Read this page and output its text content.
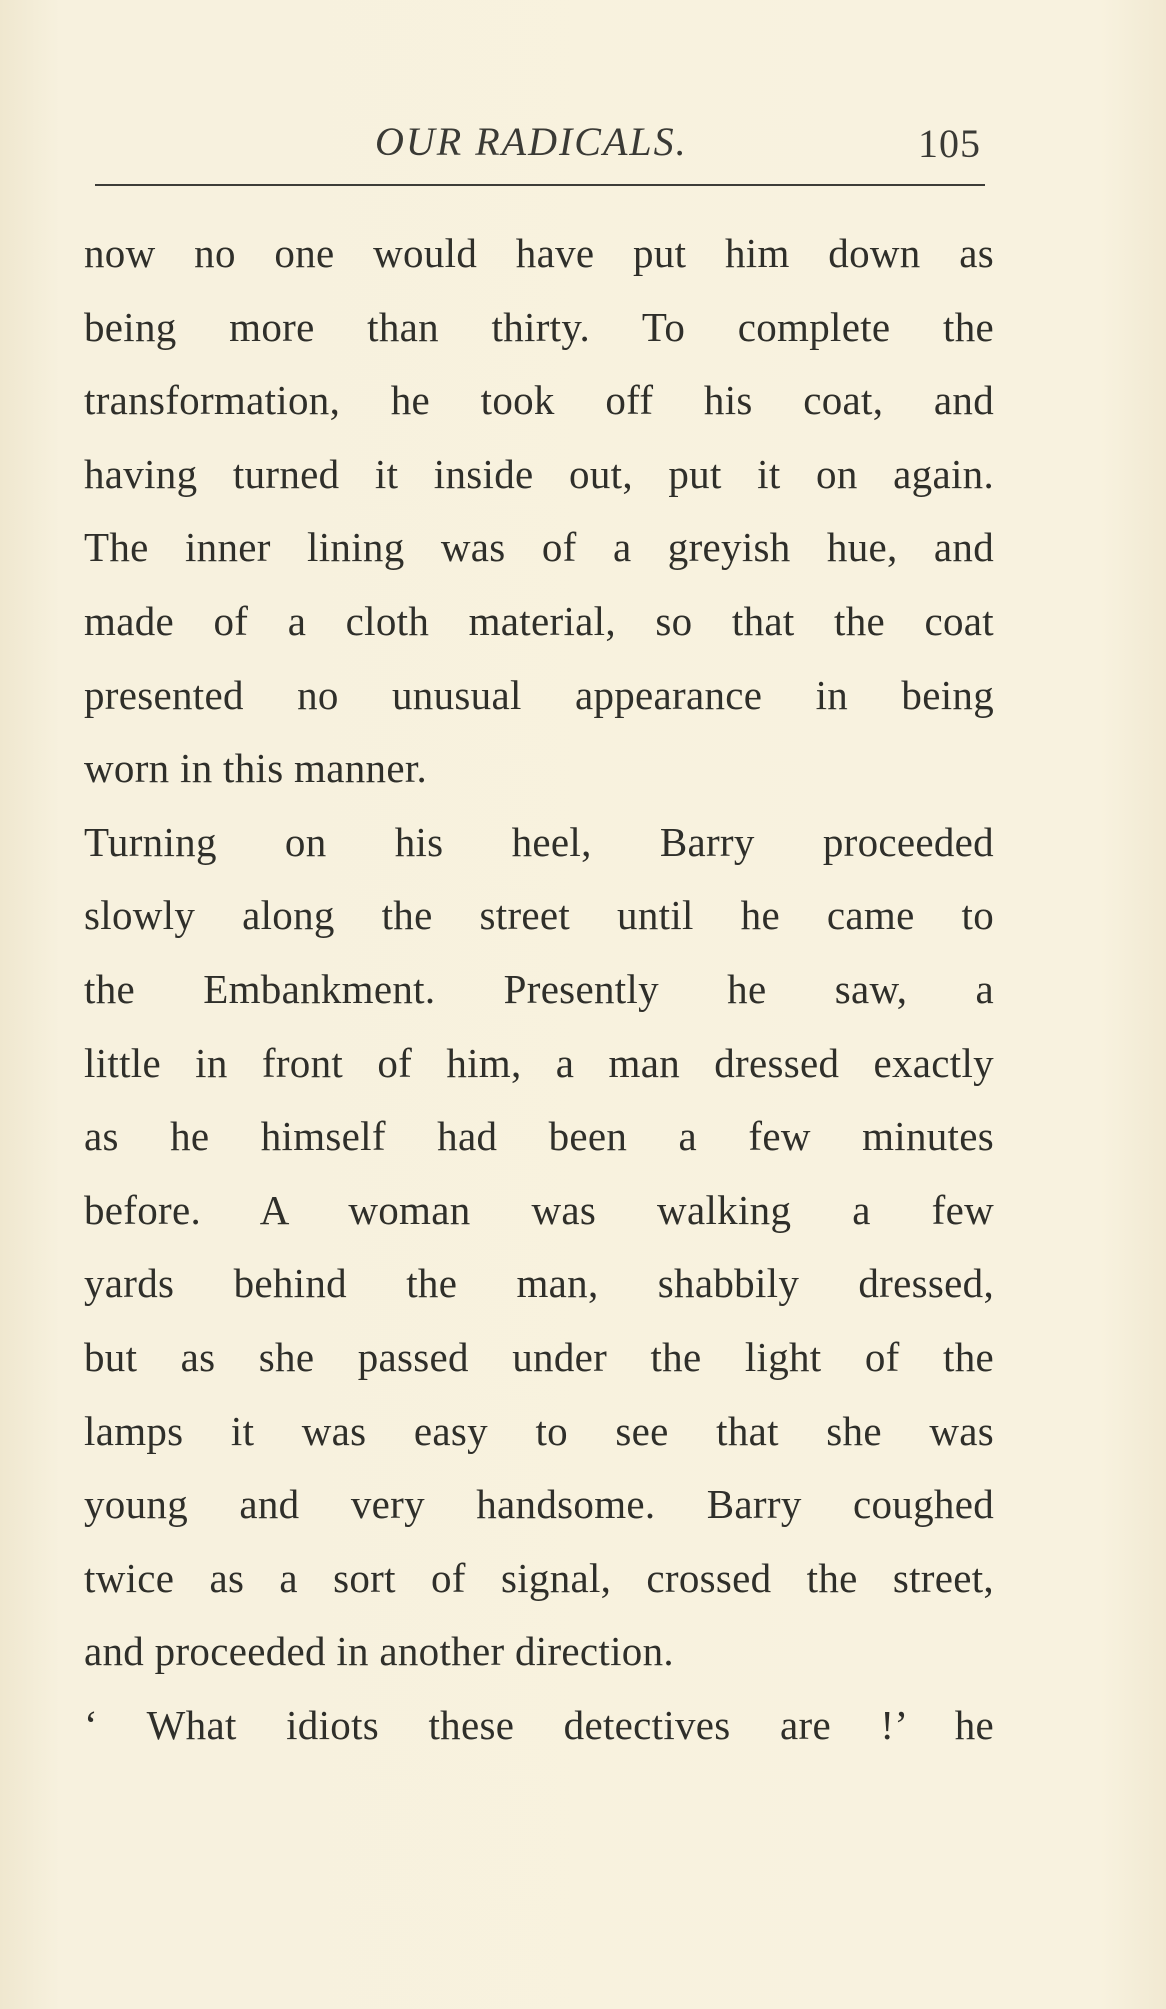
OUR RADICALS.	105
now no one would have put him down as
being more than thirty. To complete the
transformation, he took off his coat, and
having turned it inside out, put it on again.
The inner lining was of a greyish hue, and
made of a cloth material, so that the coat
presented no unusual appearance in being
worn in this manner.
Turning on his heel, Barry proceeded
slowly along the street until he came to
the Embankment. Presently he saw, a
little in front of him, a man dressed exactly
as he himself had been a few minutes
before. A woman was walking a few
yards behind the man, shabbily dressed,
but as she passed under the light of the
lamps it was easy to see that she was
young and very handsome. Barry coughed
twice as a sort of signal, crossed the street,
and proceeded in another direction.
‘ What idiots these detectives are !’ he
